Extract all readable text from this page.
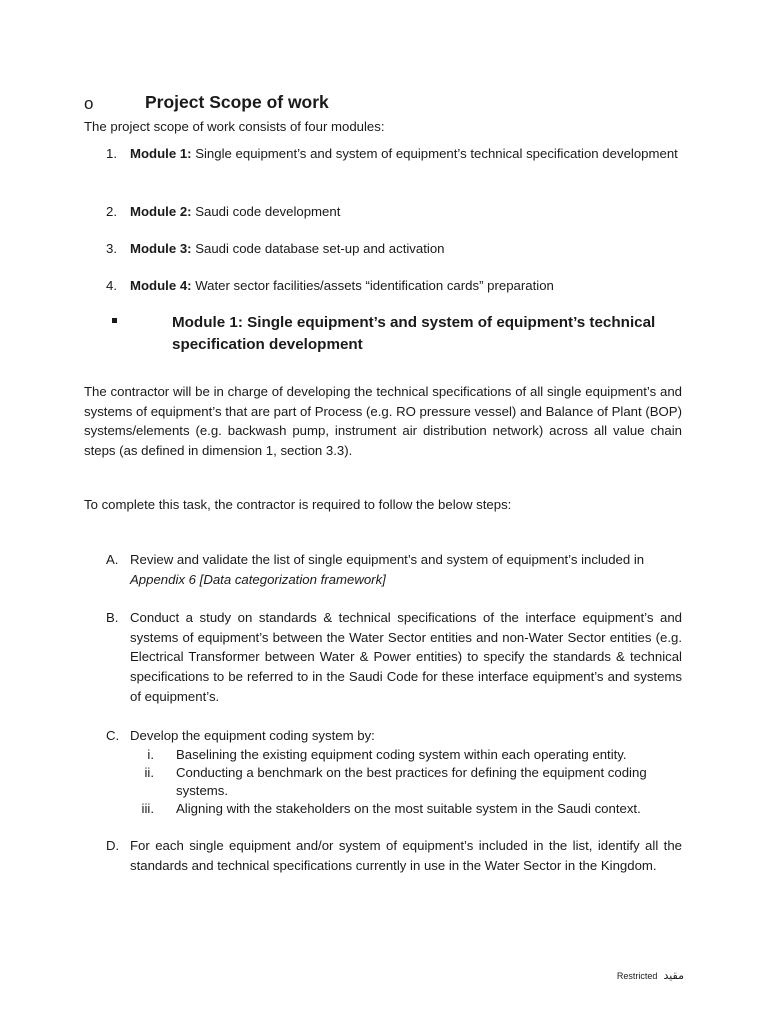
o	Project Scope of work
The project scope of work consists of four modules:
1. Module 1: Single equipment’s and system of equipment’s technical specification development
2. Module 2: Saudi code development
3. Module 3: Saudi code database set-up and activation
4. Module 4: Water sector facilities/assets “identification cards” preparation
Module 1: Single equipment’s and system of equipment’s technical specification development
The contractor will be in charge of developing the technical specifications of all single equipment’s and systems of equipment’s that are part of Process (e.g. RO pressure vessel) and Balance of Plant (BOP) systems/elements (e.g. backwash pump, instrument air distribution network) across all value chain steps (as defined in dimension 1, section 3.3).
To complete this task, the contractor is required to follow the below steps:
A. Review and validate the list of single equipment’s and system of equipment’s included in
Appendix 6 [Data categorization framework]
B. Conduct a study on standards & technical specifications of the interface equipment’s and systems of equipment’s between the Water Sector entities and non-Water Sector entities (e.g. Electrical Transformer between Water & Power entities) to specify the standards & technical specifications to be referred to in the Saudi Code for these interface equipment’s and systems of equipment’s.
C. Develop the equipment coding system by:
i. Baselining the existing equipment coding system within each operating entity.
ii. Conducting a benchmark on the best practices for defining the equipment coding systems.
iii. Aligning with the stakeholders on the most suitable system in the Saudi context.
D. For each single equipment and/or system of equipment’s included in the list, identify all the standards and technical specifications currently in use in the Water Sector in the Kingdom.
Restricted مقيد
